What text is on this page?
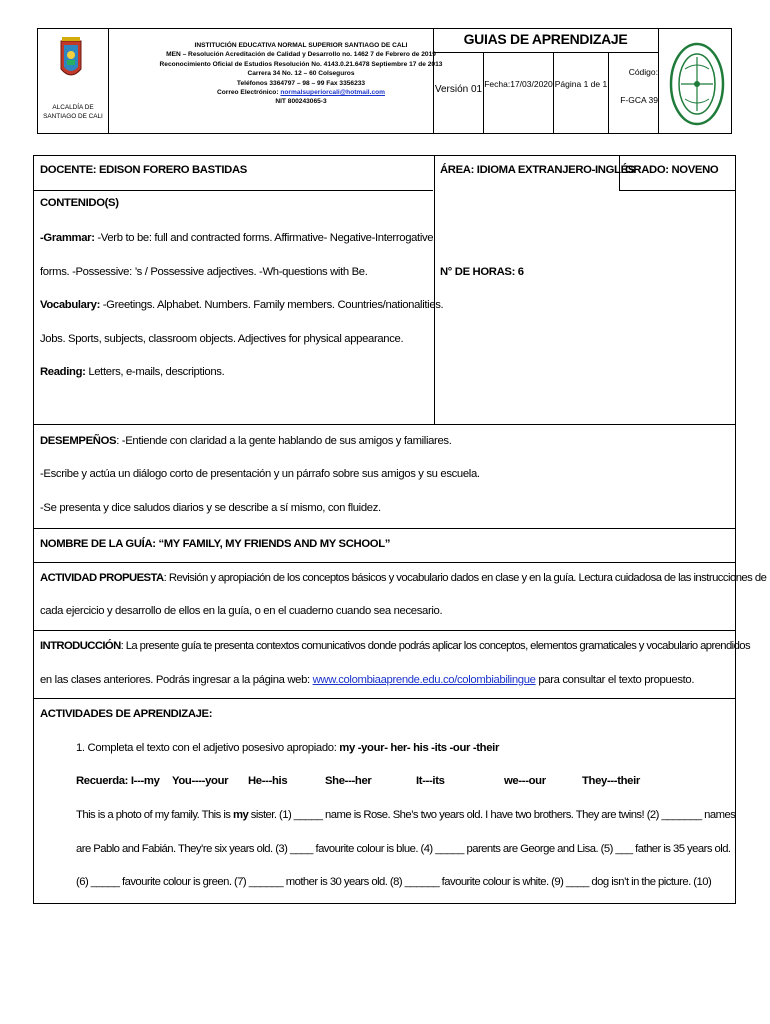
ALCALDÍA DE
SANTIAGO DE CALI
INSTITUCIÓN EDUCATIVA NORMAL SUPERIOR SANTIAGO DE CALI
MEN – Resolución Acreditación de Calidad y Desarrollo no. 1462 7 de Febrero de 2019
Reconocimiento Oficial de Estudios Resolución No. 4143.0.21.6478 Septiembre 17 de 2013
Carrera 34 No. 12 – 60 Colseguros
Teléfonos 3364797 – 98 – 99 Fax 3356233
Correo Electrónico: normalsuperiorcali@hotmail.com
NIT 800243065-3
GUIAS DE APRENDIZAJE
Versión 01 Fecha:17/03/2020 Página 1 de 1
Código:
F-GCA 39
DOCENTE: EDISON FORERO BASTIDAS	ÁREA: IDIOMA EXTRANJERO-INGLÉS
GRADO: NOVENO
CONTENIDO(S)
-Grammar: -Verb to be: full and contracted forms. Affirmative- Negative-Interrogative
forms. -Possessive: ’s / Possessive adjectives. -Wh-questions with Be.
Vocabulary: -Greetings. Alphabet. Numbers. Family members. Countries/nationalities.
Jobs. Sports, subjects, classroom objects. Adjectives for physical appearance.
Reading: Letters, e-mails, descriptions.
N° DE HORAS: 6
DESEMPEÑOS: -Entiende con claridad a la gente hablando de sus amigos y familiares.
-Escribe y actúa un diálogo corto de presentación y un párrafo sobre sus amigos y su escuela.
-Se presenta y dice saludos diarios y se describe a sí mismo, con fluidez.
NOMBRE DE LA GUÍA: “MY FAMILY, MY FRIENDS AND MY SCHOOL”
ACTIVIDAD PROPUESTA: Revisión y apropiación de los conceptos básicos y vocabulario dados en clase y en la guía. Lectura cuidadosa de las instrucciones de
cada ejercicio y desarrollo de ellos en la guía, o en el cuaderno cuando sea necesario.
INTRODUCCIÓN: La presente guía te presenta contextos comunicativos donde podrás aplicar los conceptos, elementos gramaticales y vocabulario aprendidos
en las clases anteriores. Podrás ingresar a la página web: www.colombiaaprende.edu.co/colombiabilingue para consultar el texto propuesto.
ACTIVIDADES DE APRENDIZAJE:
1. Completa el texto con el adjetivo posesivo apropiado: my -your- her- his -its -our -their
Recuerda: I---my You----your He---his	She---her	It---its	we---our	They---their
This is a photo of my family. This is my sister. (1) _____ name is Rose. She’s two years old. I have two brothers. They are twins! (2) _______ names
are Pablo and Fabián. They’re six years old. (3) ____ favourite colour is blue. (4) _____ parents are George and Lisa. (5) ___ father is 35 years old.
(6) _____ favourite colour is green. (7) ______ mother is 30 years old. (8) ______ favourite colour is white. (9) ____ dog isn’t in the picture. (10)
